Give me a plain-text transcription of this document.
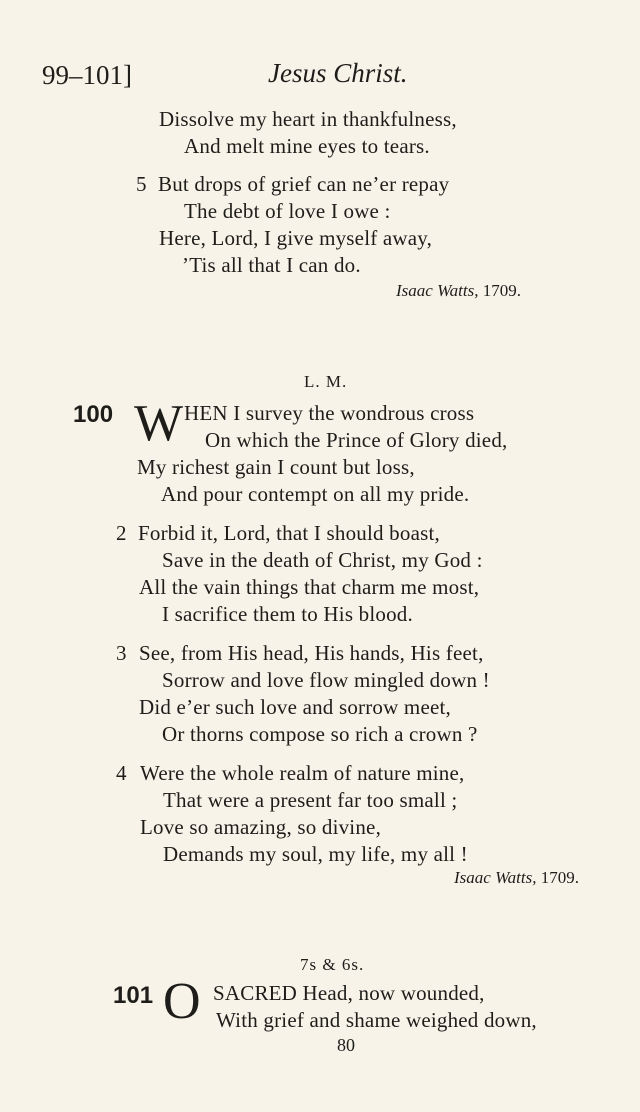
99–101]	Jesus Christ.
Dissolve my heart in thankfulness,
And melt mine eyes to tears.
5 But drops of grief can ne’er repay
The debt of love I owe :
Here, Lord, I give myself away,
’Tis all that I can do.
Isaac Watts, 1709.
L. M.
100 W HEN I survey the wondrous cross
On which the Prince of Glory died,
My richest gain I count but loss,
And pour contempt on all my pride.
2 Forbid it, Lord, that I should boast,
Save in the death of Christ, my God :
All the vain things that charm me most,
I sacrifice them to His blood.
3 See, from His head, His hands, His feet,
Sorrow and love flow mingled down !
Did e’er such love and sorrow meet,
Or thorns compose so rich a crown ?
4 Were the whole realm of nature mine,
That were a present far too small ;
Love so amazing, so divine,
Demands my soul, my life, my all !
Isaac Watts, 1709.
7s & 6s.
101 O SACRED Head, now wounded,
With grief and shame weighed down,
80
